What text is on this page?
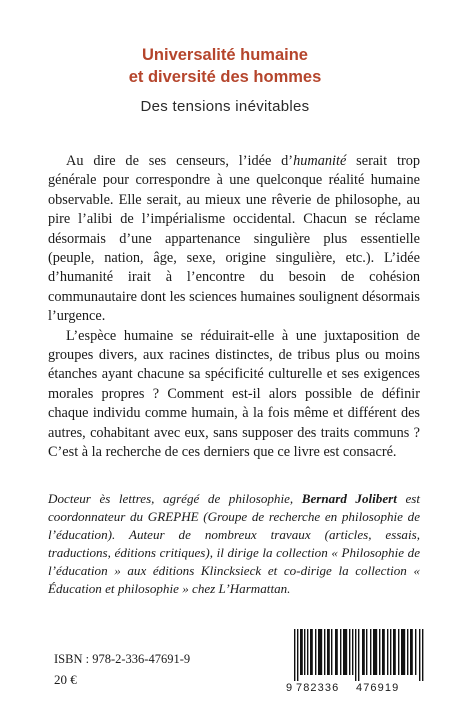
Universalité humaine
et diversité des hommes
Des tensions inévitables

Au dire de ses censeurs, l’idée d’humanité serait trop générale pour correspondre à une quelconque réalité humaine observable. Elle serait, au mieux une rêverie de philosophe, au pire l’alibi de l’impérialisme occidental. Chacun se réclame désormais d’une appartenance singulière plus essentielle (peuple, nation, âge, sexe, origine singulière, etc.). L’idée d’humanité irait à l’encontre du besoin de cohésion communautaire dont les sciences humaines soulignent désormais l’urgence.

L’espèce humaine se réduirait-elle à une juxtaposition de groupes divers, aux racines distinctes, de tribus plus ou moins étanches ayant chacune sa spécificité culturelle et ses exigences morales propres ? Comment est-il alors possible de définir chaque individu comme humain, à la fois même et différent des autres, cohabitant avec eux, sans supposer des traits communs ? C’est à la recherche de ces derniers que ce livre est consacré.

Docteur ès lettres, agrégé de philosophie, Bernard Jolibert est coordonnateur du GREPHE (Groupe de recherche en philosophie de l’éducation). Auteur de nombreux travaux (articles, essais, traductions, éditions critiques), il dirige la collection « Philosophie de l’éducation » aux éditions Klincksieck et co-dirige la collection « Éducation et philosophie » chez L’Harmattan.
ISBN : 978-2-336-47691-9
20 €
9 782336	476919
